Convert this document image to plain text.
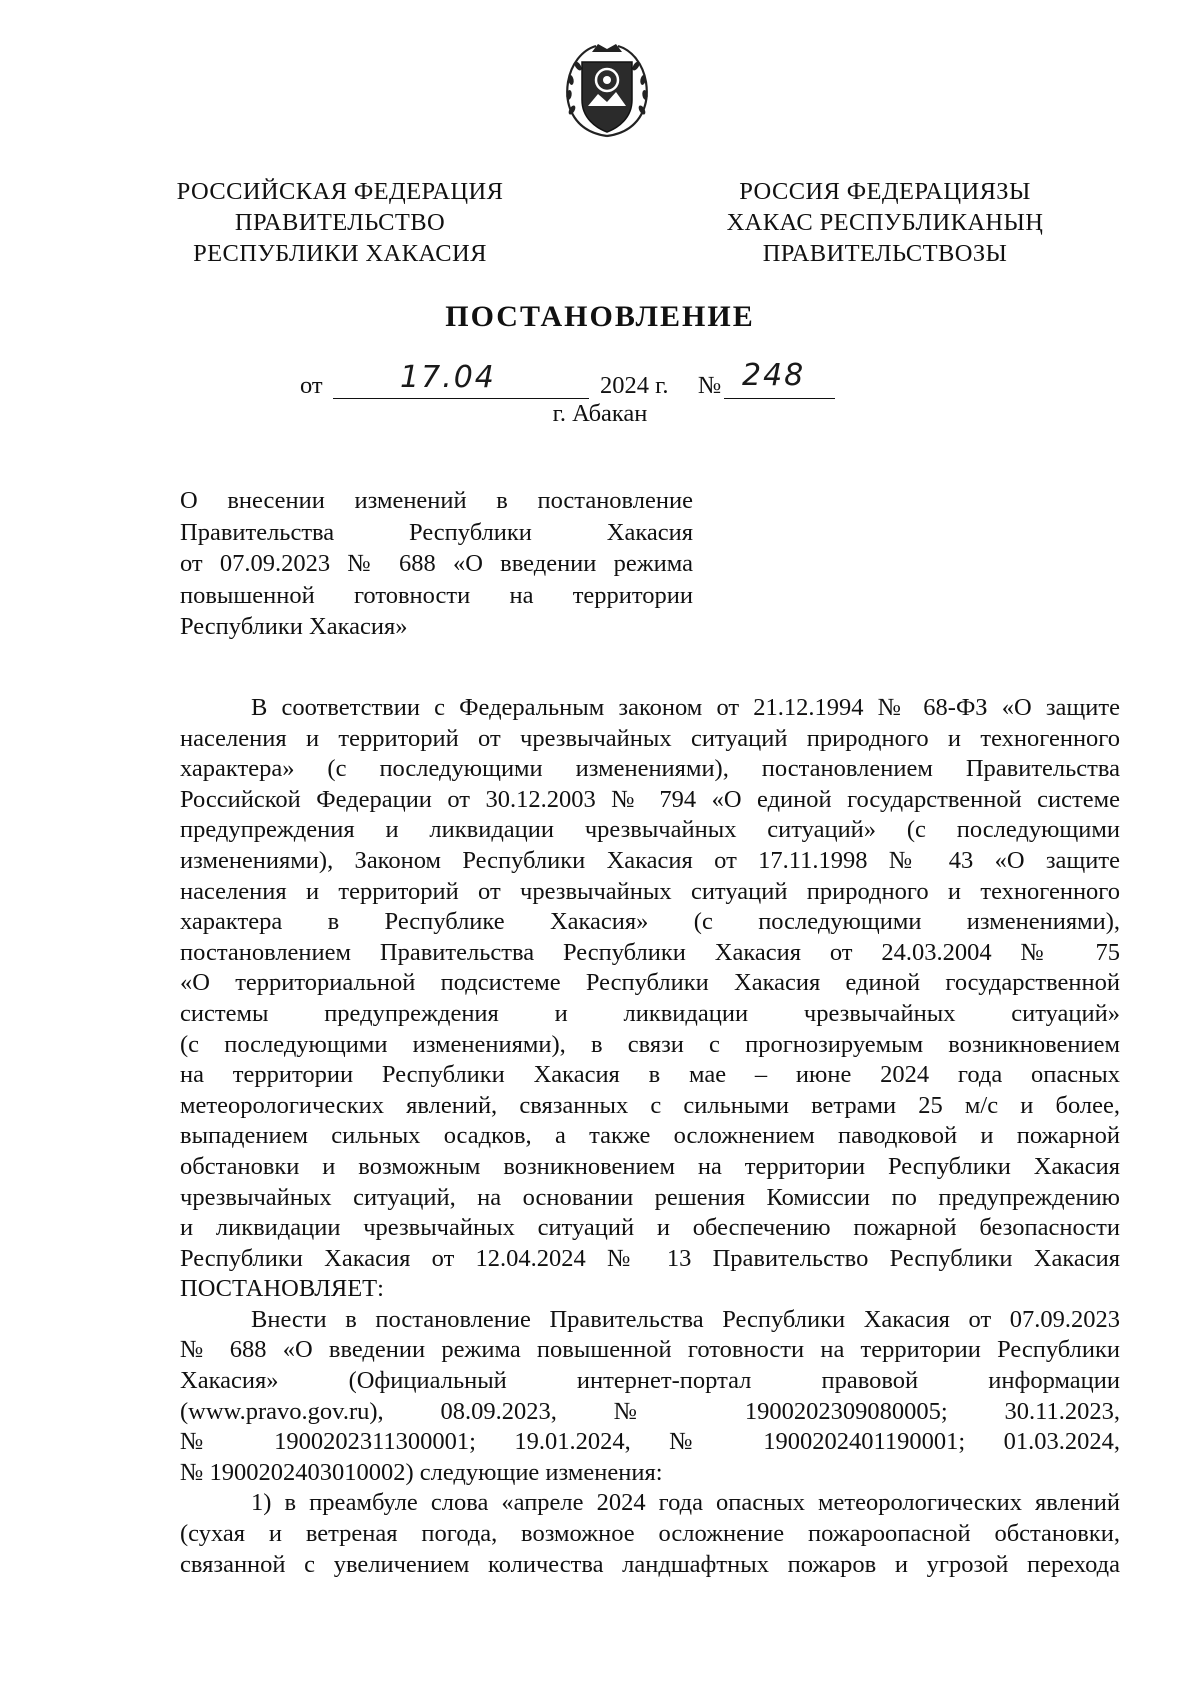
РОССИЙСКАЯ ФЕДЕРАЦИЯ
ПРАВИТЕЛЬСТВО
РЕСПУБЛИКИ ХАКАСИЯ
РОССИЯ ФЕДЕРАЦИЯЗЫ
ХАКАС РЕСПУБЛИКАНЫҢ
ПРАВИТЕЛЬСТВОЗЫ
ПОСТАНОВЛЕНИЕ
от	17.04	2024 г. № 248
г. Абакан
О внесении изменений в постановление
Правительства Республики Хакасия
от 07.09.2023 № 688 «О введении режима
повышенной готовности на территории
Республики Хакасия»
В соответствии с Федеральным законом от 21.12.1994 № 68-ФЗ «О защите
населения и территорий от чрезвычайных ситуаций природного и техногенного
характера» (с последующими изменениями), постановлением Правительства
Российской Федерации от 30.12.2003 № 794 «О единой государственной системе
предупреждения и ликвидации чрезвычайных ситуаций» (с последующими
изменениями), Законом Республики Хакасия от 17.11.1998 № 43 «О защите
населения и территорий от чрезвычайных ситуаций природного и техногенного
характера в Республике Хакасия» (с последующими изменениями),
постановлением Правительства Республики Хакасия от 24.03.2004 № 75
«О территориальной подсистеме Республики Хакасия единой государственной
системы предупреждения и ликвидации чрезвычайных ситуаций»
(с последующими изменениями), в связи с прогнозируемым возникновением
на территории Республики Хакасия в мае – июне 2024 года опасных
метеорологических явлений, связанных с сильными ветрами 25 м/с и более,
выпадением сильных осадков, а также осложнением паводковой и пожарной
обстановки и возможным возникновением на территории Республики Хакасия
чрезвычайных ситуаций, на основании решения Комиссии по предупреждению
и ликвидации чрезвычайных ситуаций и обеспечению пожарной безопасности
Республики Хакасия от 12.04.2024 № 13 Правительство Республики Хакасия
ПОСТАНОВЛЯЕТ:
Внести в постановление Правительства Республики Хакасия от 07.09.2023
№ 688 «О введении режима повышенной готовности на территории Республики
Хакасия» (Официальный интернет-портал правовой информации
(www.pravo.gov.ru), 08.09.2023, № 1900202309080005; 30.11.2023,
№ 1900202311300001; 19.01.2024, № 1900202401190001; 01.03.2024,
№ 1900202403010002) следующие изменения:
1) в преамбуле слова «апреле 2024 года опасных метеорологических явлений
(сухая и ветреная погода, возможное осложнение пожароопасной обстановки,
связанной с увеличением количества ландшафтных пожаров и угрозой перехода
